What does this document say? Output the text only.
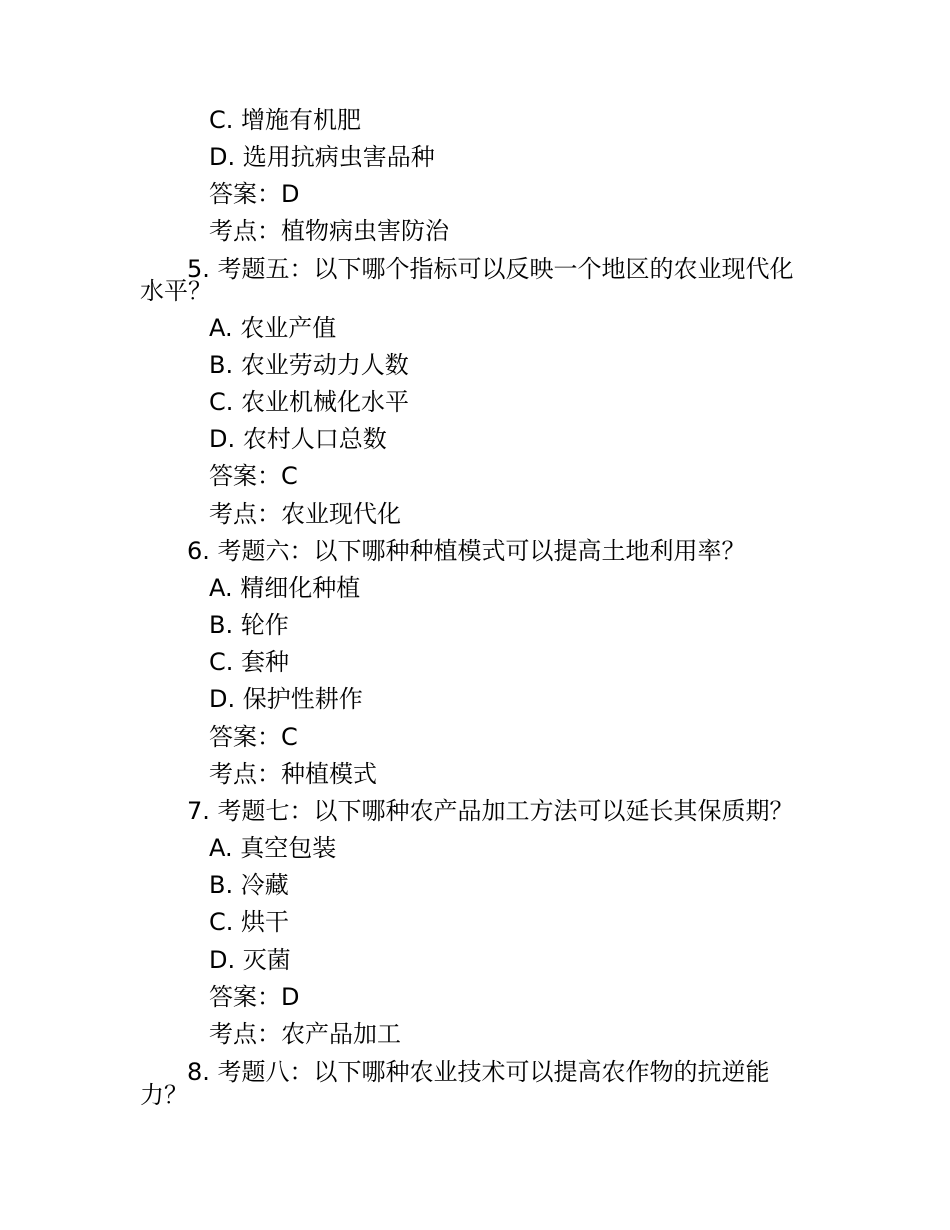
C. 增施有机肥
D. 选用抗病虫害品种
答案：D
考点：植物病虫害防治
5. 考题五：以下哪个指标可以反映一个地区的农业现代化
水平？
A. 农业产值
B. 农业劳动力人数
C. 农业机械化水平
D. 农村人口总数
答案：C
考点：农业现代化
6. 考题六：以下哪种种植模式可以提高土地利用率？
A. 精细化种植
B. 轮作
C. 套种
D. 保护性耕作
答案：C
考点：种植模式
7. 考题七：以下哪种农产品加工方法可以延长其保质期？
A. 真空包装
B. 冷藏
C. 烘干
D. 灭菌
答案：D
考点：农产品加工
8. 考题八：以下哪种农业技术可以提高农作物的抗逆能
力？
